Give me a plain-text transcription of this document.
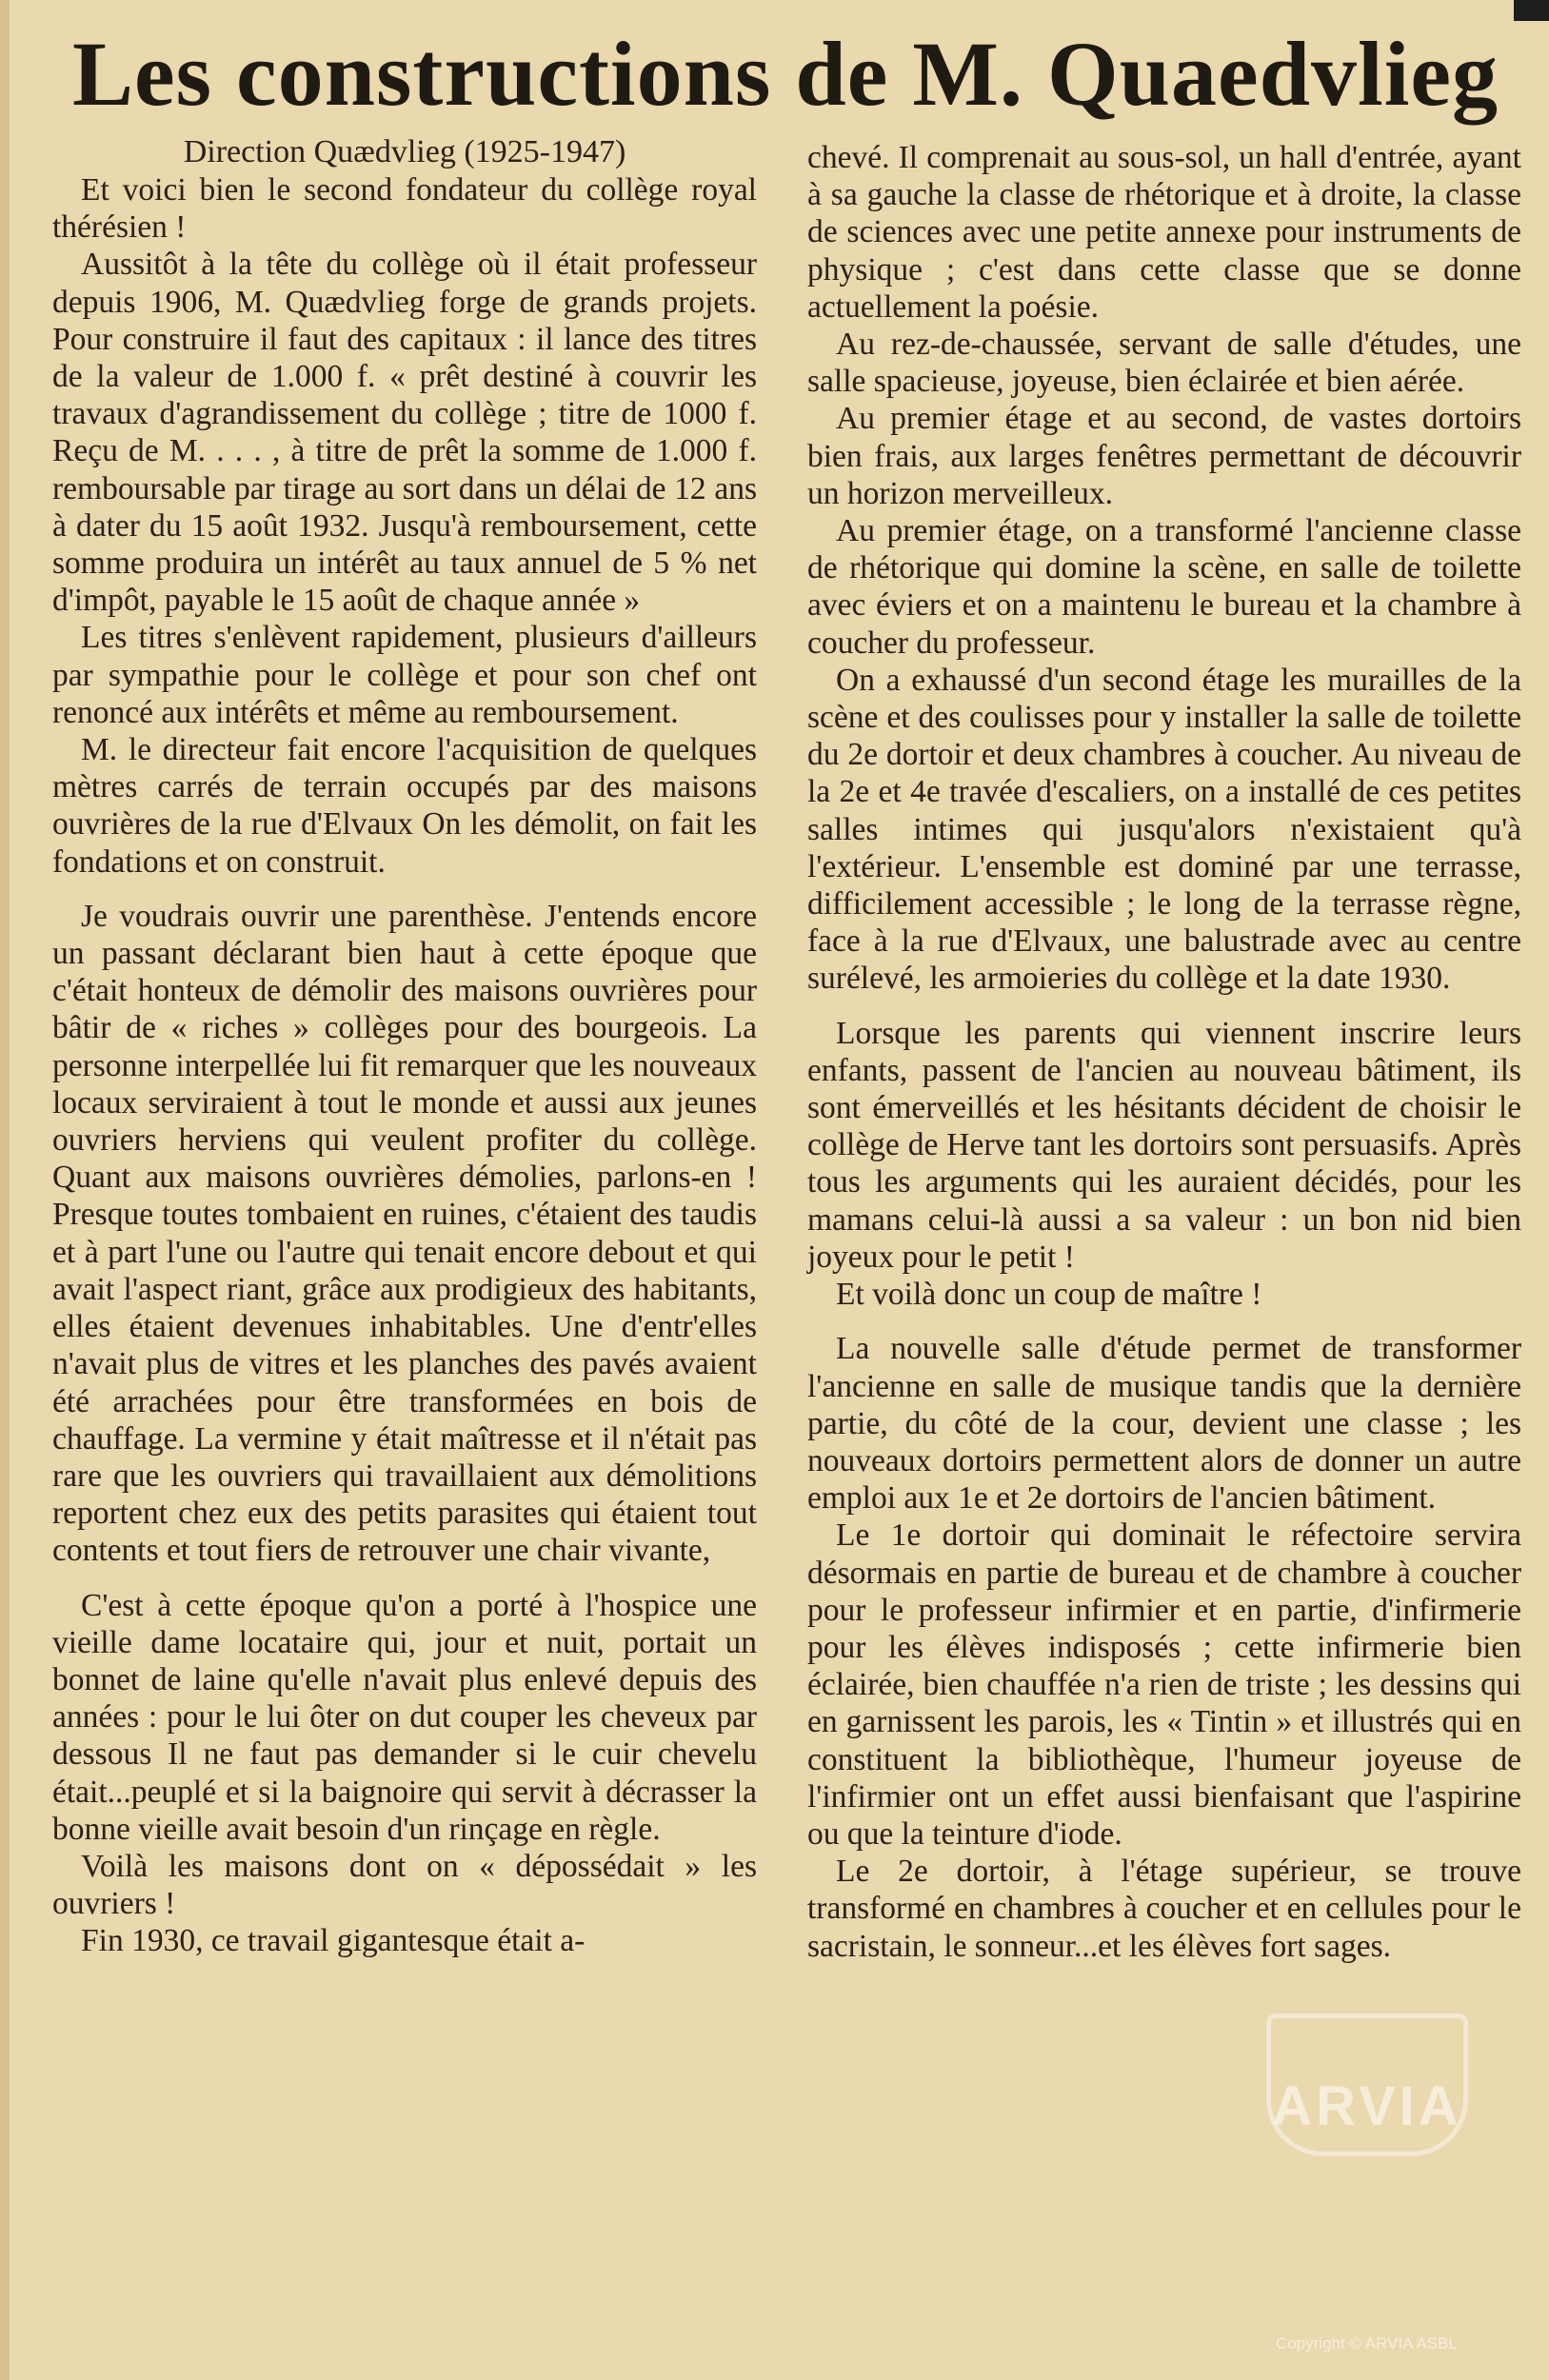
Les constructions de M. Quaedvlieg

Direction Quædvlieg (1925-1947)

Et voici bien le second fondateur du collège royal thérésien !

Aussitôt à la tête du collège où il était professeur depuis 1906, M. Quædvlieg forge de grands projets. Pour construire il faut des capitaux : il lance des titres de la valeur de 1.000 f. « prêt destiné à couvrir les travaux d'agrandissement du collège ; titre de 1000 f. Reçu de M. . . . , à titre de prêt la somme de 1.000 f. remboursable par tirage au sort dans un délai de 12 ans à dater du 15 août 1932. Jusqu'à remboursement, cette somme produira un intérêt au taux annuel de 5 % net d'impôt, payable le 15 août de chaque année »

Les titres s'enlèvent rapidement, plusieurs d'ailleurs par sympathie pour le collège et pour son chef ont renoncé aux intérêts et même au remboursement.

M. le directeur fait encore l'acquisition de quelques mètres carrés de terrain occupés par des maisons ouvrières de la rue d'Elvaux On les démolit, on fait les fondations et on construit.

Je voudrais ouvrir une parenthèse. J'entends encore un passant déclarant bien haut à cette époque que c'était honteux de démolir des maisons ouvrières pour bâtir de « riches » collèges pour des bourgeois. La personne interpellée lui fit remarquer que les nouveaux locaux serviraient à tout le monde et aussi aux jeunes ouvriers herviens qui veulent profiter du collège. Quant aux maisons ouvrières démolies, parlons-en ! Presque toutes tombaient en ruines, c'étaient des taudis et à part l'une ou l'autre qui tenait encore debout et qui avait l'aspect riant, grâce aux prodigieux des habitants, elles étaient devenues inhabitables. Une d'entr'elles n'avait plus de vitres et les planches des pavés avaient été arrachées pour être transformées en bois de chauffage. La vermine y était maîtresse et il n'était pas rare que les ouvriers qui travaillaient aux démolitions reportent chez eux des petits parasites qui étaient tout contents et tout fiers de retrouver une chair vivante,

C'est à cette époque qu'on a porté à l'hospice une vieille dame locataire qui, jour et nuit, portait un bonnet de laine qu'elle n'avait plus enlevé depuis des années : pour le lui ôter on dut couper les cheveux par dessous Il ne faut pas demander si le cuir chevelu était...peuplé et si la baignoire qui servit à décrasser la bonne vieille avait besoin d'un rinçage en règle.

Voilà les maisons dont on « dépossédait » les ouvriers !

Fin 1930, ce travail gigantesque était a-

chevé. Il comprenait au sous-sol, un hall d'entrée, ayant à sa gauche la classe de rhétorique et à droite, la classe de sciences avec une petite annexe pour instruments de physique ; c'est dans cette classe que se donne actuellement la poésie.

Au rez-de-chaussée, servant de salle d'études, une salle spacieuse, joyeuse, bien éclairée et bien aérée.

Au premier étage et au second, de vastes dortoirs bien frais, aux larges fenêtres permettant de découvrir un horizon merveilleux.

Au premier étage, on a transformé l'ancienne classe de rhétorique qui domine la scène, en salle de toilette avec éviers et on a maintenu le bureau et la chambre à coucher du professeur.

On a exhaussé d'un second étage les murailles de la scène et des coulisses pour y installer la salle de toilette du 2e dortoir et deux chambres à coucher. Au niveau de la 2e et 4e travée d'escaliers, on a installé de ces petites salles intimes qui jusqu'alors n'existaient qu'à l'extérieur. L'ensemble est dominé par une terrasse, difficilement accessible ; le long de la terrasse règne, face à la rue d'Elvaux, une balustrade avec au centre surélevé, les armoieries du collège et la date 1930.

Lorsque les parents qui viennent inscrire leurs enfants, passent de l'ancien au nouveau bâtiment, ils sont émerveillés et les hésitants décident de choisir le collège de Herve tant les dortoirs sont persuasifs. Après tous les arguments qui les auraient décidés, pour les mamans celui-là aussi a sa valeur : un bon nid bien joyeux pour le petit !

Et voilà donc un coup de maître !

La nouvelle salle d'étude permet de transformer l'ancienne en salle de musique tandis que la dernière partie, du côté de la cour, devient une classe ; les nouveaux dortoirs permettent alors de donner un autre emploi aux 1e et 2e dortoirs de l'ancien bâtiment.

Le 1e dortoir qui dominait le réfectoire servira désormais en partie de bureau et de chambre à coucher pour le professeur infirmier et en partie, d'infirmerie pour les élèves indisposés ; cette infirmerie bien éclairée, bien chauffée n'a rien de triste ; les dessins qui en garnissent les parois, les « Tintin » et illustrés qui en constituent la bibliothèque, l'humeur joyeuse de l'infirmier ont un effet aussi bienfaisant que l'aspirine ou que la teinture d'iode.

Le 2e dortoir, à l'étage supérieur, se trouve transformé en chambres à coucher et en cellules pour le sacristain, le sonneur...et les élèves fort sages.

ARVIA
Copyright © ARVIA ASBL
